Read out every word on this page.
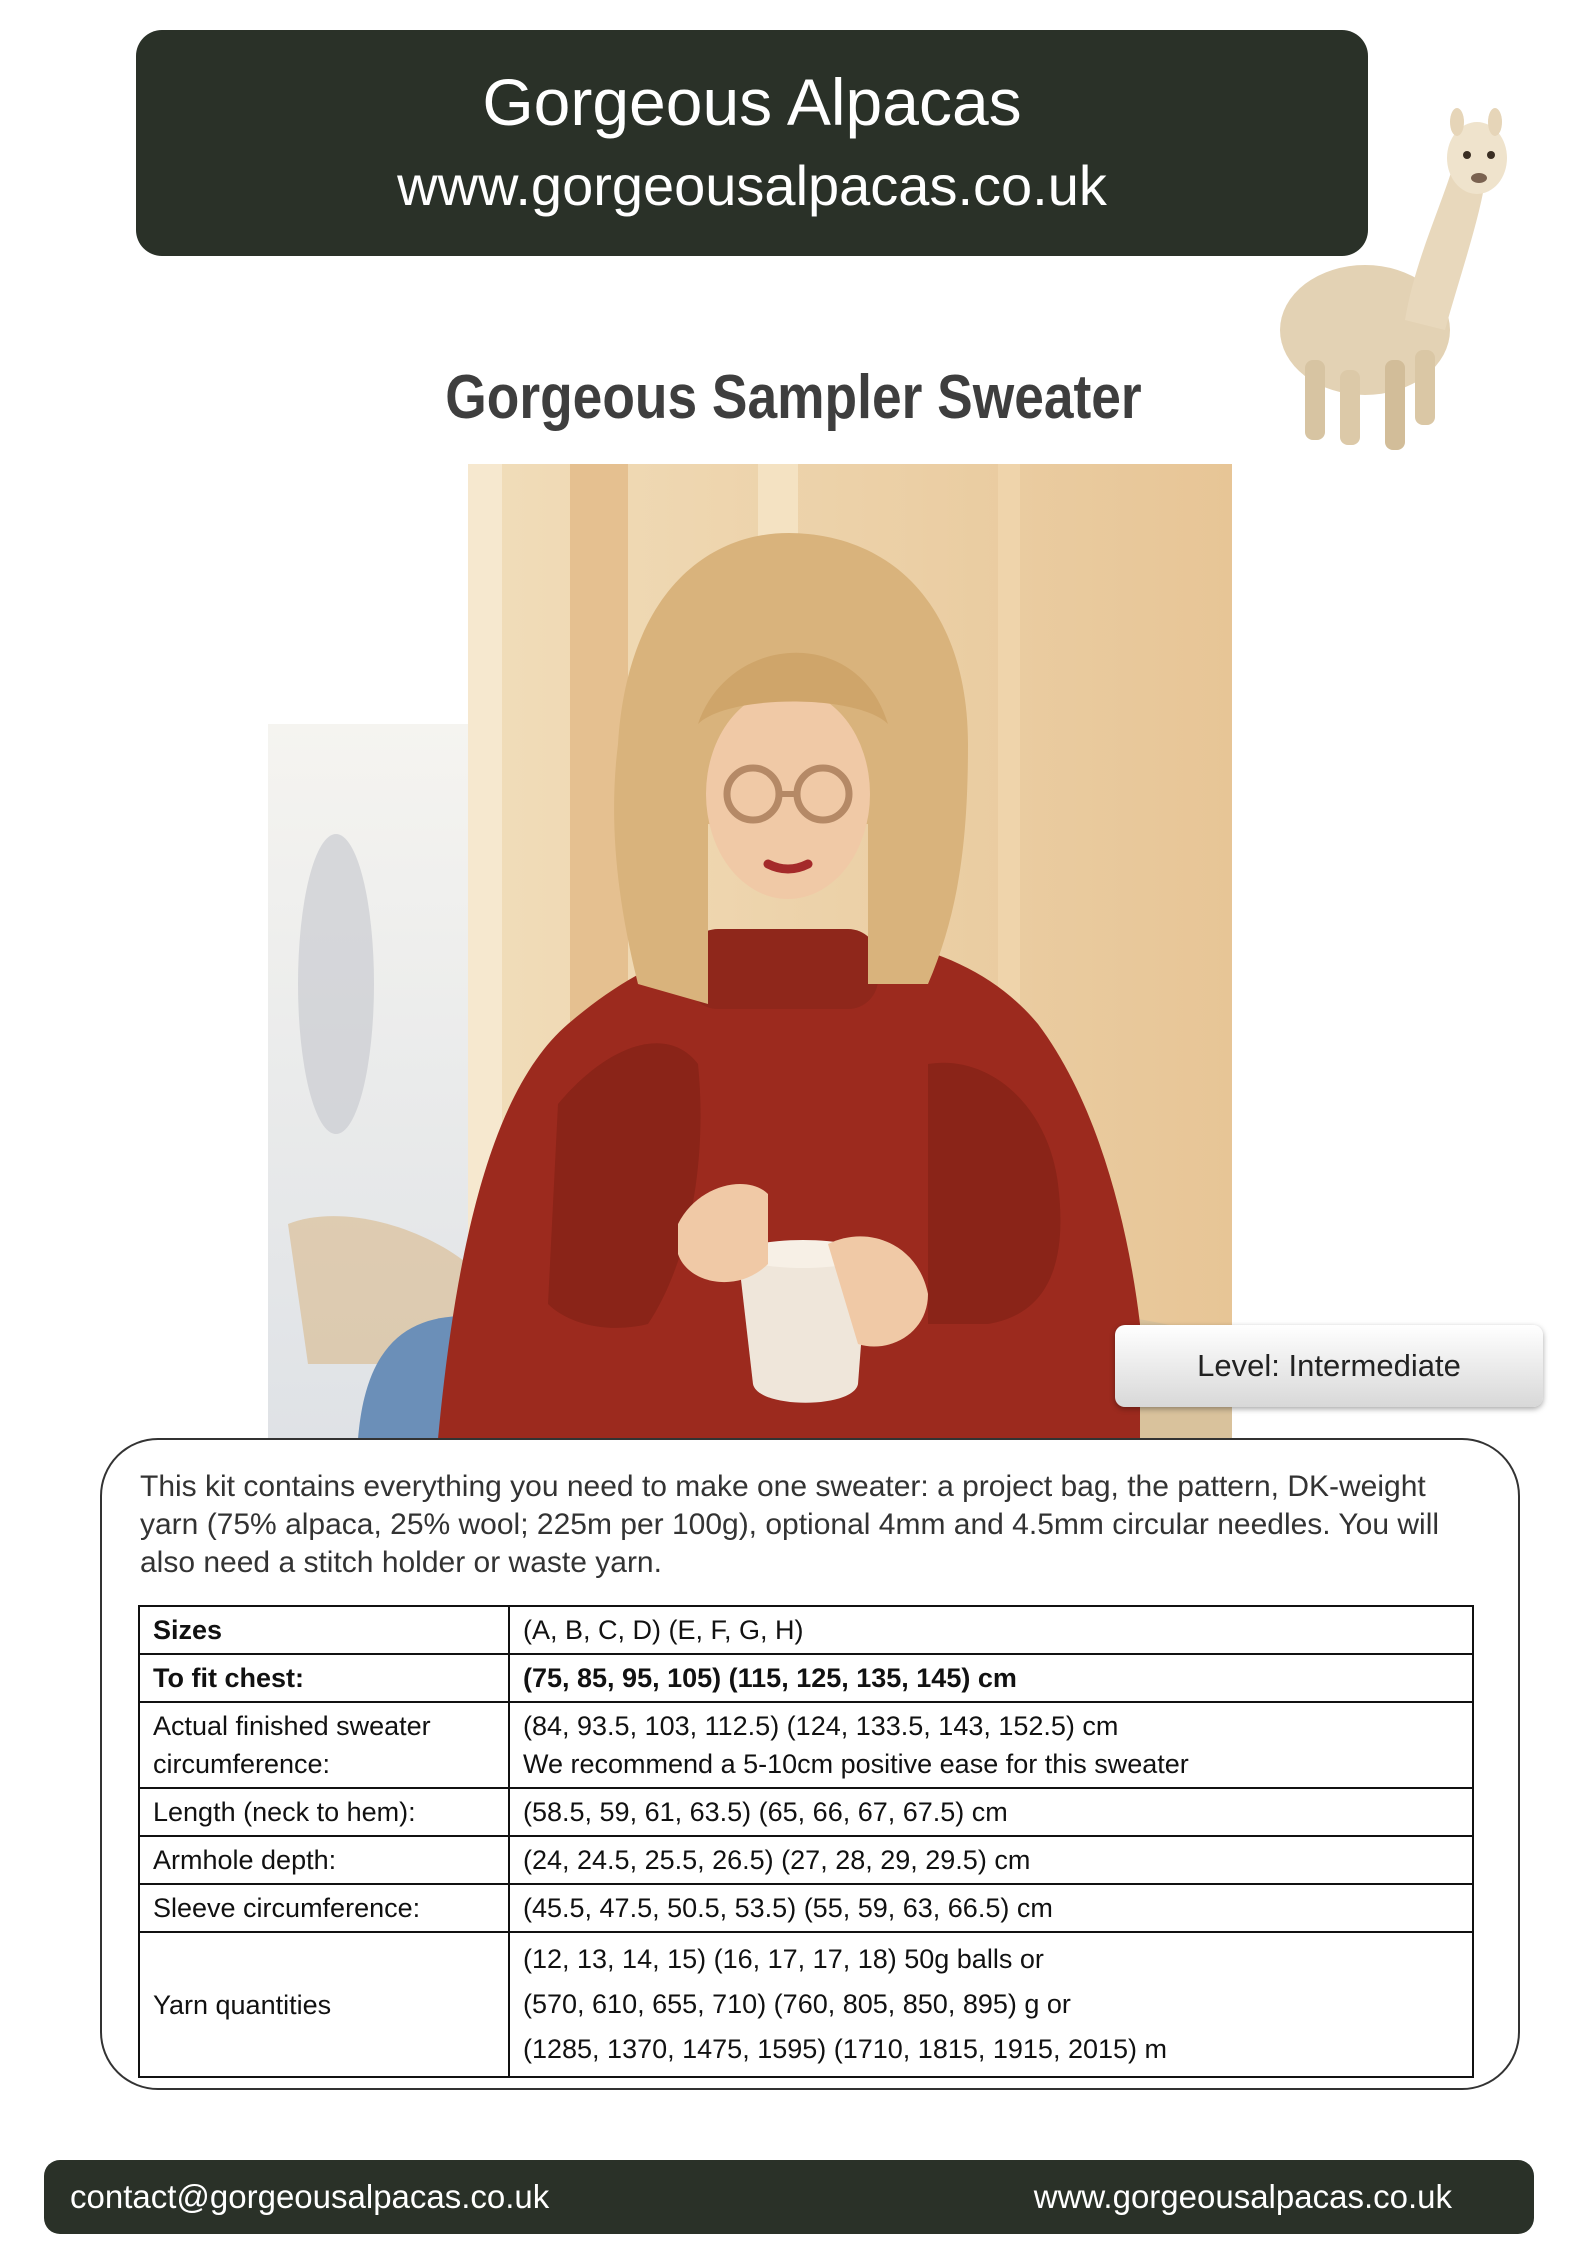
Gorgeous Alpacas
www.gorgeousalpacas.co.uk
Gorgeous Sampler Sweater
Level: Intermediate
This kit contains everything you need to make one sweater: a project bag, the pattern, DK-weight yarn (75% alpaca, 25% wool; 225m per 100g), optional 4mm and 4.5mm circular needles. You will also need a stitch holder or waste yarn.
Sizes	(A, B, C, D) (E, F, G, H)
To fit chest:	(75, 85, 95, 105) (115, 125, 135, 145) cm
Actual finished sweater circumference:	(84, 93.5, 103, 112.5) (124, 133.5, 143, 152.5) cm
We recommend a 5-10cm positive ease for this sweater

Length (neck to hem):	(58.5, 59, 61, 63.5) (65, 66, 67, 67.5) cm
Armhole depth:	(24, 24.5, 25.5, 26.5) (27, 28, 29, 29.5) cm
Sleeve circumference:	(45.5, 47.5, 50.5, 53.5) (55, 59, 63, 66.5) cm
Yarn quantities	(12, 13, 14, 15) (16, 17, 17, 18) 50g balls or
(570, 610, 655, 710) (760, 805, 850, 895) g or
(1285, 1370, 1475, 1595) (1710, 1815, 1915, 2015) m
contact@gorgeousalpacas.co.uk	www.gorgeousalpacas.co.uk
